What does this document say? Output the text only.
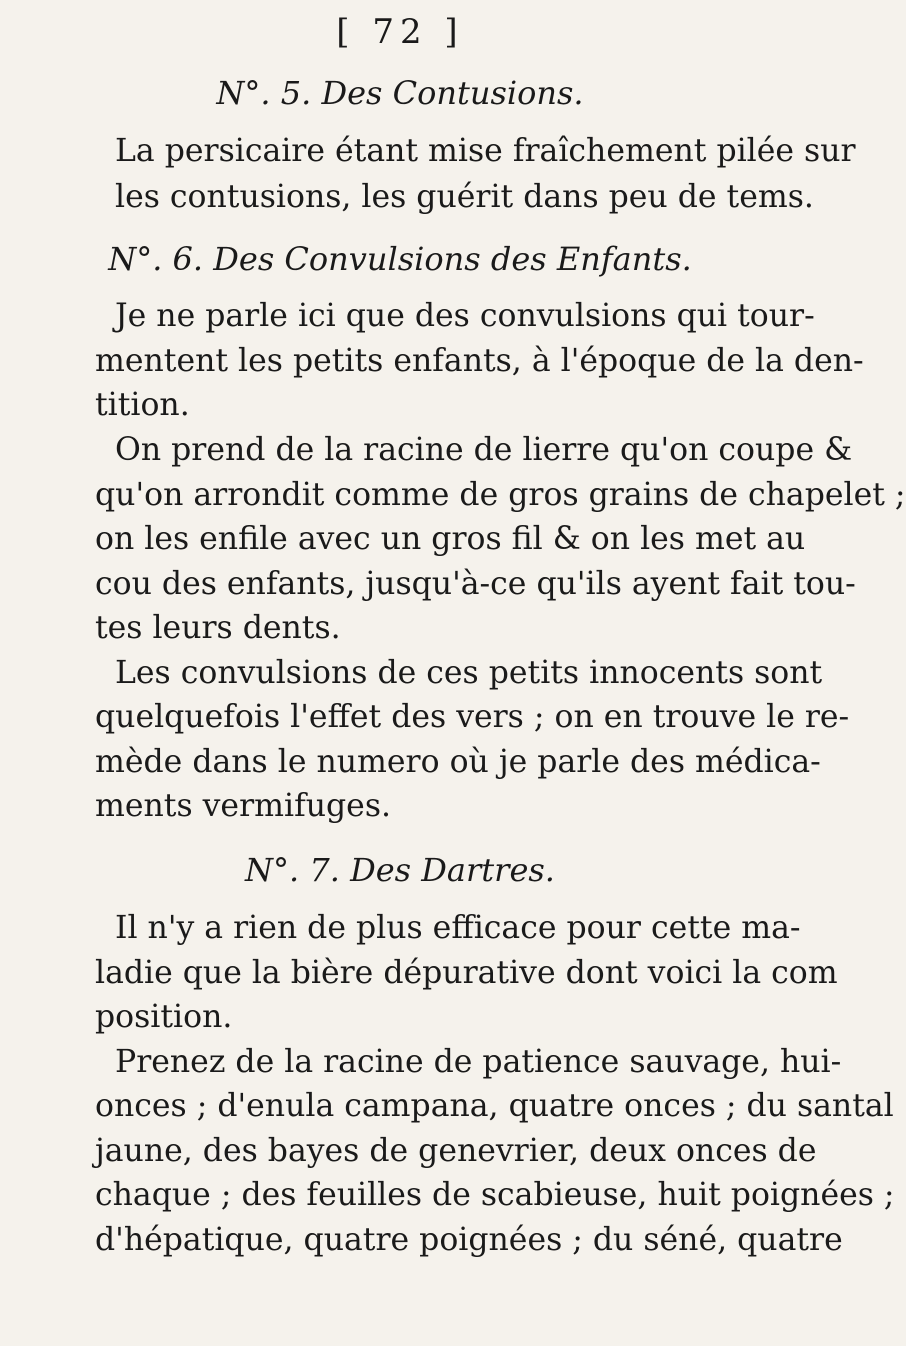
[ 72 ]
N°. 5. Des Contusions.
La persicaire étant mise fraîchement pilée sur
les contusions, les guérit dans peu de tems.
N°. 6. Des Convulsions des Enfants.
Je ne parle ici que des convulsions qui tour-
mentent les petits enfants, à l'époque de la den-
tition.
On prend de la racine de lierre qu'on coupe &
qu'on arrondit comme de gros grains de chapelet ;
on les enfile avec un gros fil & on les met au
cou des enfants, jusqu'à-ce qu'ils ayent fait tou-
tes leurs dents.
Les convulsions de ces petits innocents sont
quelquefois l'effet des vers ; on en trouve le re-
mède dans le numero où je parle des médica-
ments vermifuges.
N°. 7. Des Dartres.
Il n'y a rien de plus efficace pour cette ma-
ladie que la bière dépurative dont voici la com
position.
Prenez de la racine de patience sauvage, hui-
onces ; d'enula campana, quatre onces ; du santal
jaune, des bayes de genevrier, deux onces de
chaque ; des feuilles de scabieuse, huit poignées ;
d'hépatique, quatre poignées ; du séné, quatre
